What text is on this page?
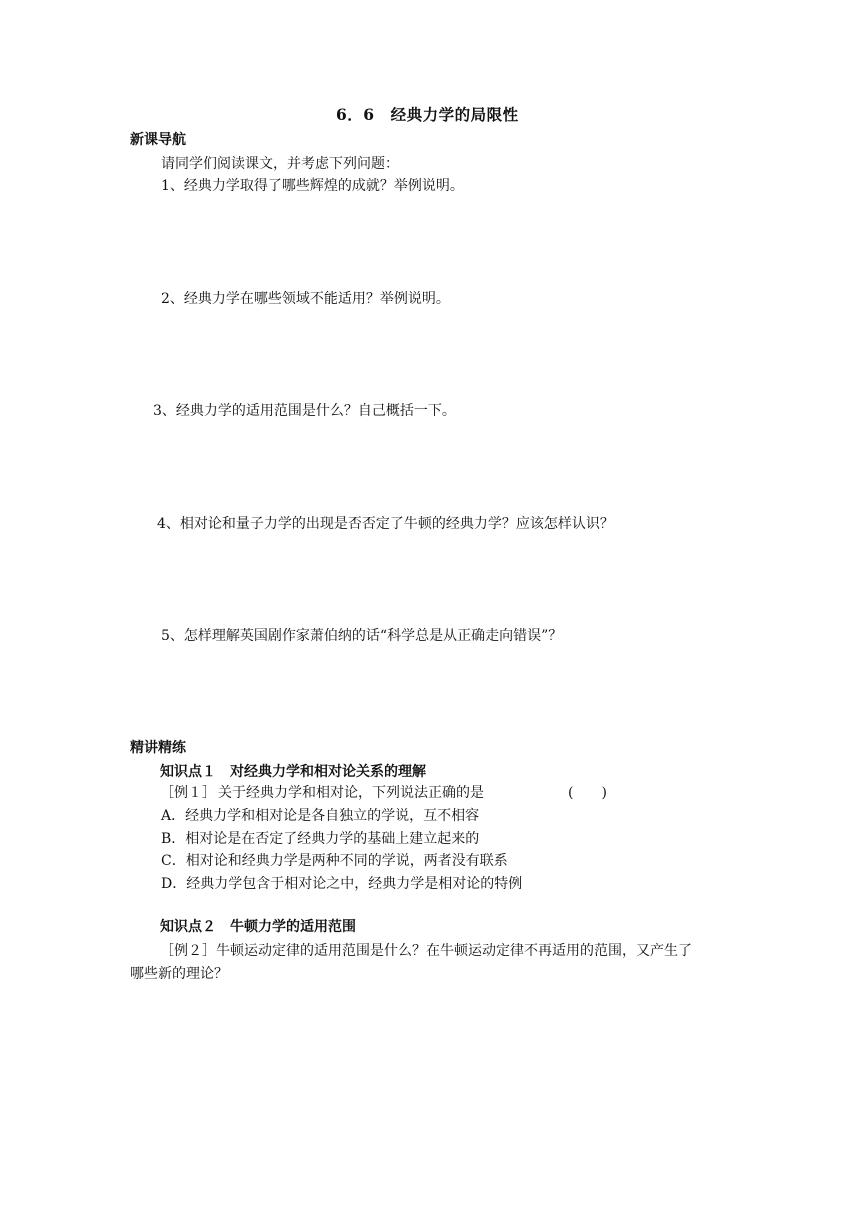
6．6　经典力学的局限性
新课导航
请同学们阅读课文，并考虑下列问题：
1、经典力学取得了哪些辉煌的成就？举例说明。
2、经典力学在哪些领域不能适用？举例说明。
3、经典力学的适用范围是什么？自己概括一下。
4、相对论和量子力学的出现是否否定了牛顿的经典力学？应该怎样认识？
5、怎样理解英国剧作家萧伯纳的话“科学总是从正确走向错误”？
精讲精练
知识点１　对经典力学和相对论关系的理解
［例１］ 关于经典力学和相对论，下列说法正确的是	(　　)
A．经典力学和相对论是各自独立的学说，互不相容
B．相对论是在否定了经典力学的基础上建立起来的
C．相对论和经典力学是两种不同的学说，两者没有联系
D．经典力学包含于相对论之中，经典力学是相对论的特例
知识点２　牛顿力学的适用范围
［例２］牛顿运动定律的适用范围是什么？在牛顿运动定律不再适用的范围，又产生了
哪些新的理论？
